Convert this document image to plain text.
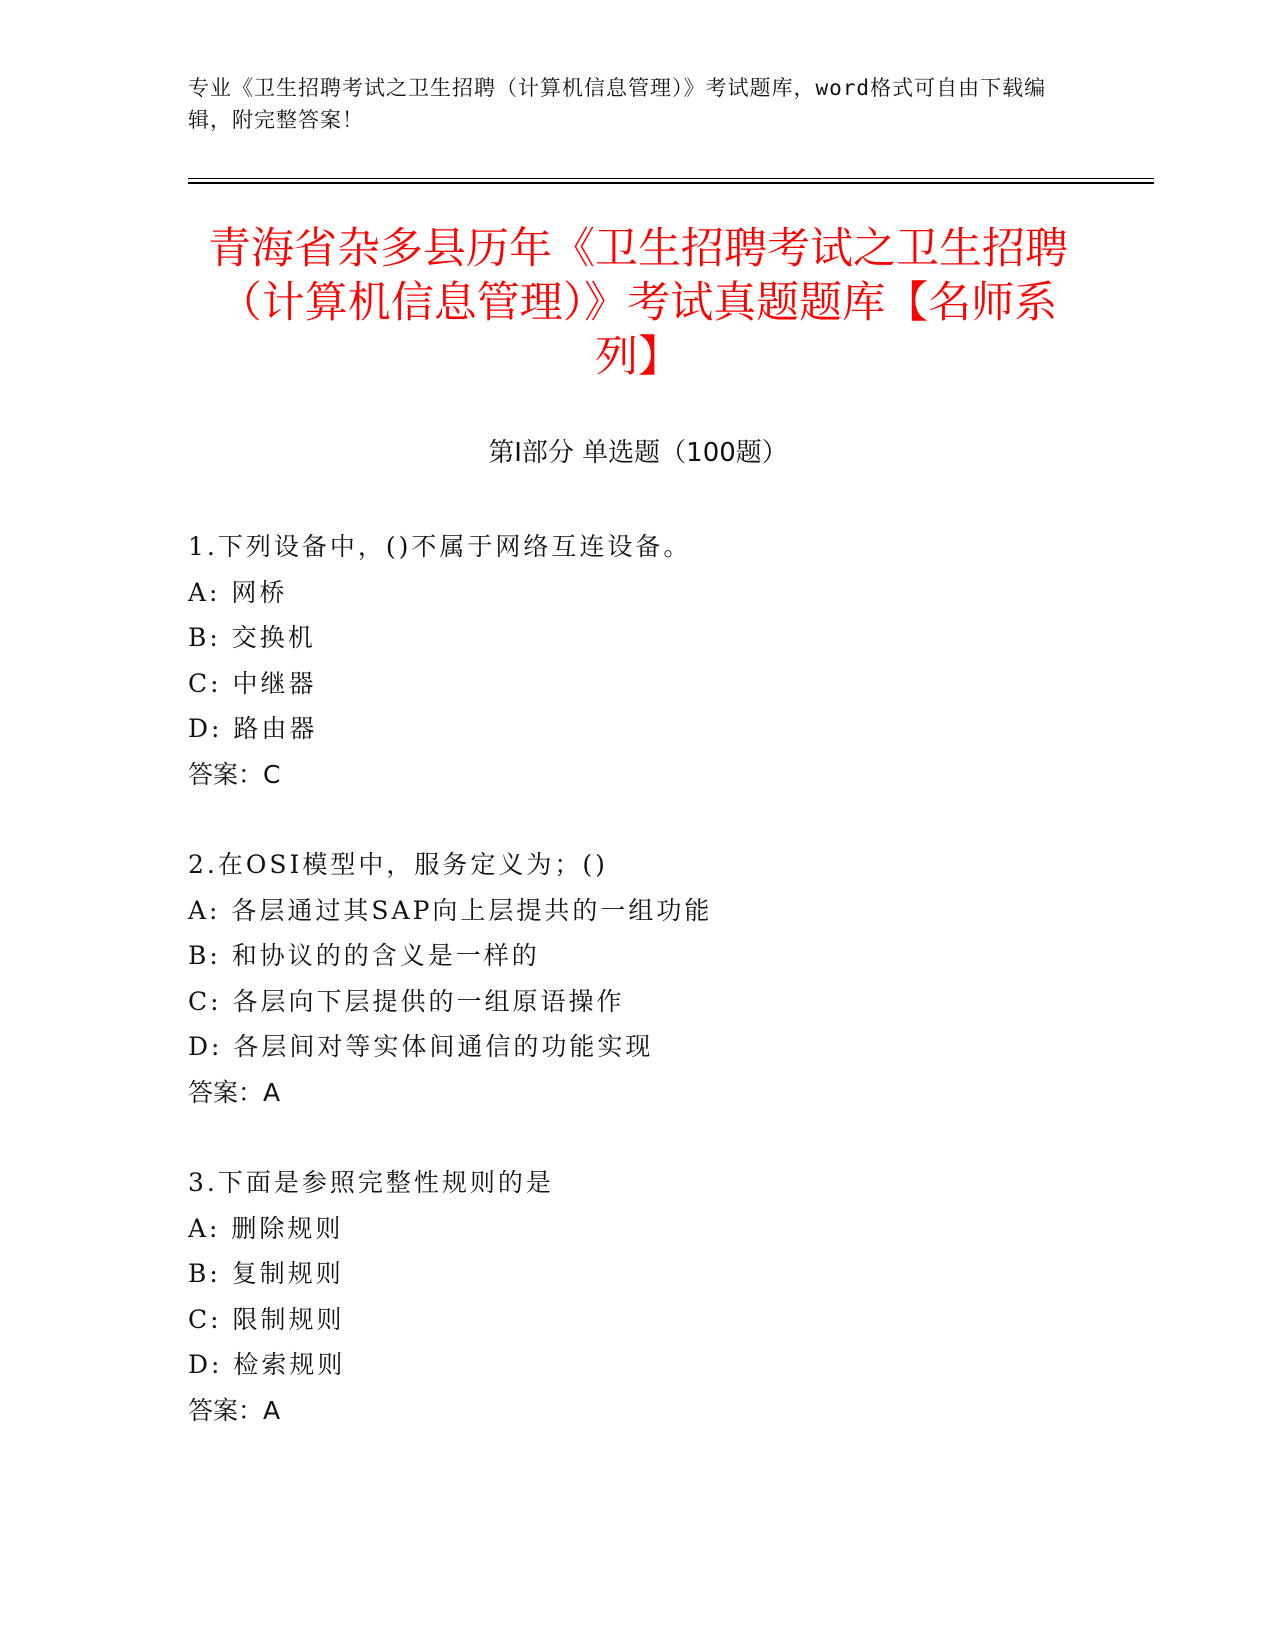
专业《卫生招聘考试之卫生招聘（计算机信息管理）》考试题库，word格式可自由下载编辑，附完整答案！

青海省杂多县历年《卫生招聘考试之卫生招聘（计算机信息管理）》考试真题题库【名师系列】
第I部分 单选题（100题）
1.下列设备中，()不属于网络互连设备。
A: 网桥
B: 交换机
C: 中继器
D: 路由器
答案：C
2.在OSI模型中，服务定义为；()
A: 各层通过其SAP向上层提共的一组功能
B: 和协议的的含义是一样的
C: 各层向下层提供的一组原语操作
D: 各层间对等实体间通信的功能实现
答案：A
3.下面是参照完整性规则的是
A: 删除规则
B: 复制规则
C: 限制规则
D: 检索规则
答案：A
